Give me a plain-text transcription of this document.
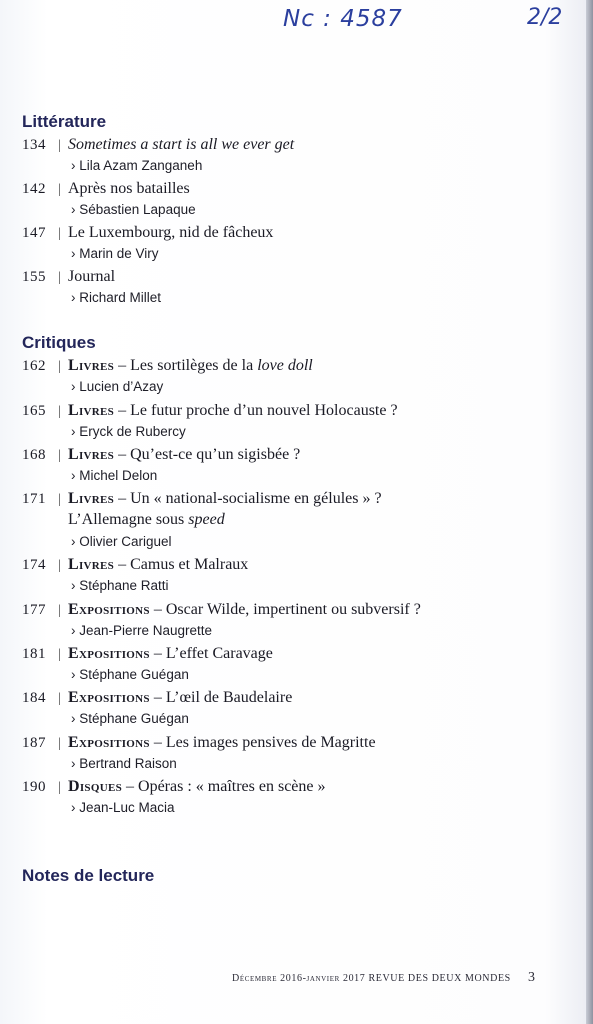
Nc : 4587	2/2
Littérature
134 | Sometimes a start is all we ever get
› Lila Azam Zanganeh
142 | Après nos batailles
› Sébastien Lapaque
147 | Le Luxembourg, nid de fâcheux
› Marin de Viry
155 | Journal
› Richard Millet
Critiques
162 | Livres – Les sortilèges de la love doll
› Lucien d’Azay
165 | Livres – Le futur proche d’un nouvel Holocauste ?
› Eryck de Rubercy
168 | Livres – Qu’est-ce qu’un sigisbée ?
› Michel Delon
171 | Livres – Un « national-socialisme en gélules » ?
L’Allemagne sous speed
› Olivier Cariguel
174 | Livres – Camus et Malraux
› Stéphane Ratti
177 | Expositions – Oscar Wilde, impertinent ou subversif ?
› Jean-Pierre Naugrette
181 | Expositions – L’effet Caravage
› Stéphane Guégan
184 | Expositions – L’œil de Baudelaire
› Stéphane Guégan
187 | Expositions – Les images pensives de Magritte
› Bertrand Raison
190 | Disques – Opéras : « maîtres en scène »
› Jean-Luc Macia
Notes de lecture
Décembre 2016-janvier 2017 REVUE DES DEUX MONDES 3
